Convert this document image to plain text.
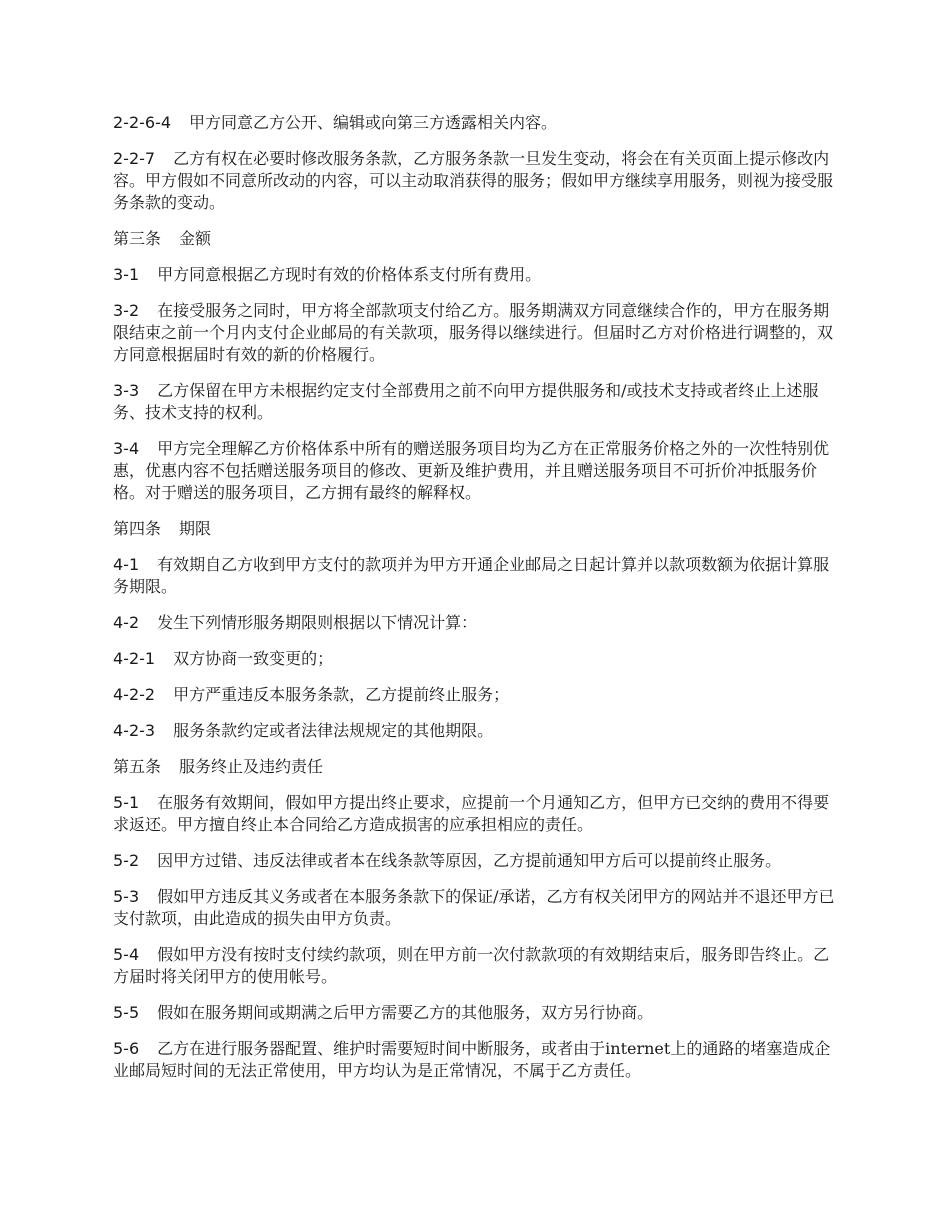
2-2-6-4 甲方同意乙方公开、编辑或向第三方透露相关内容。

2-2-7 乙方有权在必要时修改服务条款，乙方服务条款一旦发生变动，将会在有关页面上提示修改内容。甲方假如不同意所改动的内容，可以主动取消获得的服务；假如甲方继续享用服务，则视为接受服务条款的变动。

第三条 金额

3-1 甲方同意根据乙方现时有效的价格体系支付所有费用。

3-2 在接受服务之同时，甲方将全部款项支付给乙方。服务期满双方同意继续合作的，甲方在服务期限结束之前一个月内支付企业邮局的有关款项，服务得以继续进行。但届时乙方对价格进行调整的，双方同意根据届时有效的新的价格履行。

3-3 乙方保留在甲方未根据约定支付全部费用之前不向甲方提供服务和/或技术支持或者终止上述服务、技术支持的权利。

3-4 甲方完全理解乙方价格体系中所有的赠送服务项目均为乙方在正常服务价格之外的一次性特别优惠，优惠内容不包括赠送服务项目的修改、更新及维护费用，并且赠送服务项目不可折价冲抵服务价格。对于赠送的服务项目，乙方拥有最终的解释权。

第四条 期限

4-1 有效期自乙方收到甲方支付的款项并为甲方开通企业邮局之日起计算并以款项数额为依据计算服务期限。

4-2 发生下列情形服务期限则根据以下情况计算：

4-2-1 双方协商一致变更的；

4-2-2 甲方严重违反本服务条款，乙方提前终止服务；

4-2-3 服务条款约定或者法律法规规定的其他期限。

第五条 服务终止及违约责任

5-1 在服务有效期间，假如甲方提出终止要求，应提前一个月通知乙方，但甲方已交纳的费用不得要求返还。甲方擅自终止本合同给乙方造成损害的应承担相应的责任。

5-2 因甲方过错、违反法律或者本在线条款等原因，乙方提前通知甲方后可以提前终止服务。

5-3 假如甲方违反其义务或者在本服务条款下的保证/承诺，乙方有权关闭甲方的网站并不退还甲方已支付款项，由此造成的损失由甲方负责。

5-4 假如甲方没有按时支付续约款项，则在甲方前一次付款款项的有效期结束后，服务即告终止。乙方届时将关闭甲方的使用帐号。

5-5 假如在服务期间或期满之后甲方需要乙方的其他服务，双方另行协商。

5-6 乙方在进行服务器配置、维护时需要短时间中断服务，或者由于internet上的通路的堵塞造成企业邮局短时间的无法正常使用，甲方均认为是正常情况，不属于乙方责任。
